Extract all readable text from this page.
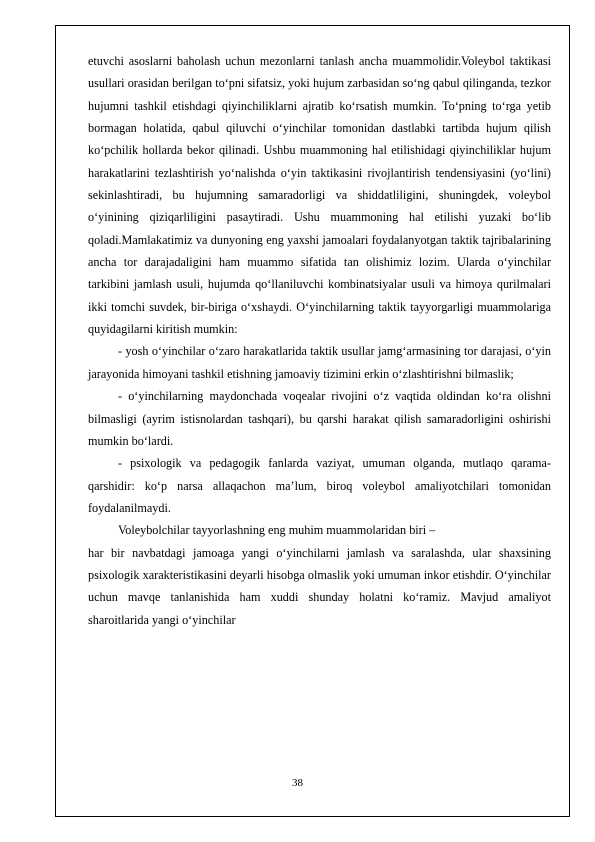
etuvchi asoslarni baholash uchun mezonlarni tanlash ancha muammolidir.Voleybol taktikasi usullari orasidan berilgan to‘pni sifatsiz, yoki hujum zarbasidan so‘ng qabul qilinganda, tezkor hujumni tashkil etishdagi qiyinchiliklarni ajratib ko‘rsatish mumkin. To‘pning to‘rga yetib bormagan holatida, qabul qiluvchi o‘yinchilar tomonidan dastlabki tartibda hujum qilish ko‘pchilik hollarda bekor qilinadi. Ushbu muammoning hal etilishidagi qiyinchiliklar hujum harakatlarini tezlashtirish yo‘nalishda o‘yin taktikasini rivojlantirish tendensiyasini (yo‘lini) sekinlashtiradi, bu hujumning samaradorligi va shiddatliligini, shuningdek, voleybol o‘yinining qiziqarliligini pasaytiradi. Ushu muammoning hal etilishi yuzaki bo‘lib qoladi.Mamlakatimiz va dunyoning eng yaxshi jamoalari foydalanyotgan taktik tajribalarining ancha tor darajadaligini ham muammo sifatida tan olishimiz lozim. Ularda o‘yinchilar tarkibini jamlash usuli, hujumda qo‘llaniluvchi kombinatsiyalar usuli va himoya qurilmalari ikki tomchi suvdek, bir-biriga o‘xshaydi. O‘yinchilarning taktik tayyorgarligi muammolariga quyidagilarni kiritish mumkin:

- yosh o‘yinchilar o‘zaro harakatlarida taktik usullar jamg‘armasining tor darajasi, o‘yin jarayonida himoyani tashkil etishning jamoaviy tizimini erkin o‘zlashtirishni bilmaslik;

- o‘yinchilarning maydonchada voqealar rivojini o‘z vaqtida oldindan ko‘ra olishni bilmasligi (ayrim istisnolardan tashqari), bu qarshi harakat qilish samaradorligini oshirishi mumkin bo‘lardi.

- psixologik va pedagogik fanlarda vaziyat, umuman olganda, mutlaqo qarama-qarshidir: ko‘p narsa allaqachon ma’lum, biroq voleybol amaliyotchilari tomonidan foydalanilmaydi.

Voleybolchilar tayyorlashning eng muhim muammolaridan biri –

har bir navbatdagi jamoaga yangi o‘yinchilarni jamlash va saralashda, ular shaxsining psixologik xarakteristikasini deyarli hisobga olmaslik yoki umuman inkor etishdir. O‘yinchilar uchun mavqe tanlanishida ham xuddi shunday holatni ko‘ramiz. Mavjud amaliyot sharoitlarida yangi o‘yinchilar

38
